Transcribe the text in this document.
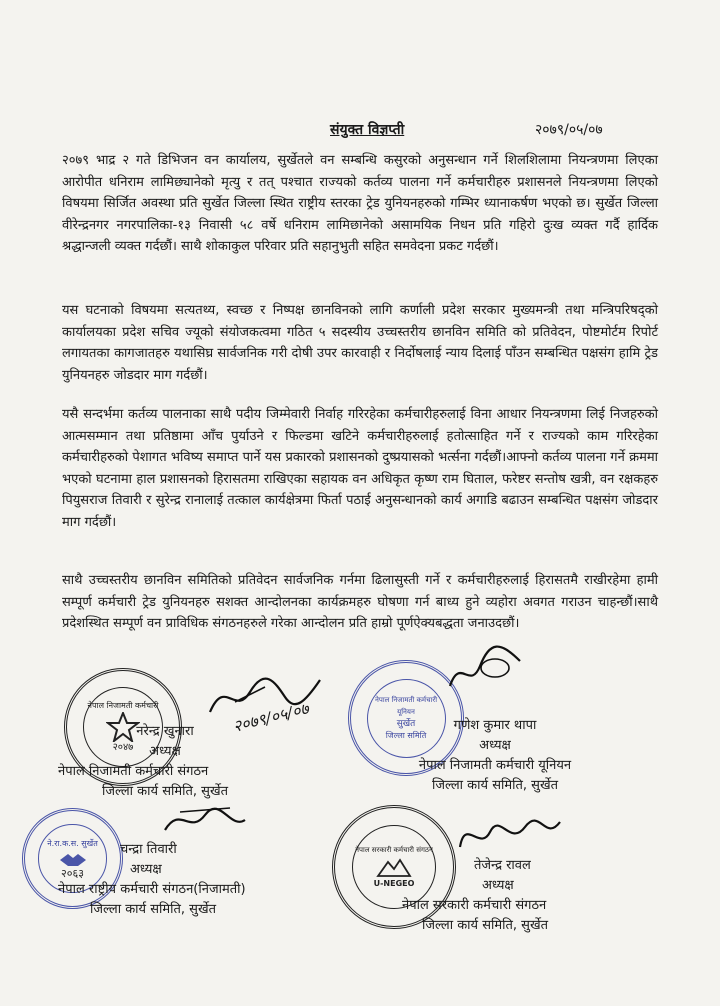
संयुक्त विज्ञप्ती	२०७९/०५/०७

२०७९ भाद्र २ गते डिभिजन वन कार्यालय, सुर्खेतले वन सम्बन्धि कसुरको अनुसन्धान गर्ने शिलशिलामा नियन्त्रणमा लिएका आरोपीत धनिराम लामिछ्यानेको मृत्यु र तत् पश्चात राज्यको कर्तव्य पालना गर्ने कर्मचारीहरु प्रशासनले नियन्त्रणमा लिएको विषयमा सिर्जित अवस्था प्रति सुर्खेत जिल्ला स्थित राष्ट्रीय स्तरका ट्रेड युनियनहरुको गम्भिर ध्यानाकर्षण भएको छ। सुर्खेत जिल्ला वीरेन्द्रनगर नगरपालिका-१३ निवासी ५८ वर्षे धनिराम लामिछानेको असामयिक निधन प्रति गहिरो दुःख व्यक्त गर्दै हार्दिक श्रद्धान्जली व्यक्त गर्दछौं। साथै शोकाकुल परिवार प्रति सहानुभुती सहित समवेदना प्रकट गर्दछौं।

यस घटनाको विषयमा सत्यतथ्य, स्वच्छ र निष्पक्ष छानविनको लागि कर्णाली प्रदेश सरकार मुख्यमन्त्री तथा मन्त्रिपरिषद्को कार्यालयका प्रदेश सचिव ज्यूको संयोजकत्वमा गठित ५ सदस्यीय उच्चस्तरीय छानविन समिति को प्रतिवेदन, पोष्टमोर्टम रिपोर्ट लगायतका कागजातहरु यथासिघ्र सार्वजनिक गरी दोषी उपर कारवाही र निर्दोषलाई न्याय दिलाई पाँउन सम्बन्धित पक्षसंग हामि ट्रेड युनियनहरु जोडदार माग गर्दछौं।

यसै सन्दर्भमा कर्तव्य पालनाका साथै पदीय जिम्मेवारी निर्वाह गरिरहेका कर्मचारीहरुलाई विना आधार नियन्त्रणमा लिई निजहरुको आत्मसम्मान तथा प्रतिष्ठामा आँच पुर्याउने र फिल्डमा खटिने कर्मचारीहरुलाई हतोत्साहित गर्ने र राज्यको काम गरिरहेका कर्मचारीहरुको पेशागत भविष्य समाप्त पार्ने यस प्रकारको प्रशासनको दुष्प्रयासको भर्त्सना गर्दछौं।आफ्नो कर्तव्य पालना गर्ने क्रममा भएको घटनामा हाल प्रशासनको हिरासतमा राखिएका सहायक वन अधिकृत कृष्ण राम घिताल, फरेष्टर सन्तोष खत्री, वन रक्षकहरु पियुसराज तिवारी र सुरेन्द्र रानालाई तत्काल कार्यक्षेत्रमा फिर्ता पठाई अनुसन्धानको कार्य अगाडि बढाउन सम्बन्धित पक्षसंग जोडदार माग गर्दछौं।

साथै उच्चस्तरीय छानविन समितिको प्रतिवेदन सार्वजनिक गर्नमा ढिलासुस्ती गर्ने र कर्मचारीहरुलाई हिरासतमै राखीरहेमा हामी सम्पूर्ण कर्मचारी ट्रेड युनियनहरु सशक्त आन्दोलनका कार्यक्रमहरु घोषणा गर्न बाध्य हुने व्यहोरा अवगत गराउन चाहन्छौं।साथै प्रदेशस्थित सम्पूर्ण वन प्राविधिक संगठनहरुले गरेका आन्दोलन प्रति हाम्रो पूर्णऐक्यबद्धता जनाउदछौं।

नेपाल निजामती कर्मचारी
२०४७
२०७९/०५/०७
नरेन्द्र खुनारा
अध्यक्ष
नेपाल निजामती कर्मचारी संगठन
जिल्ला कार्य समिति, सुर्खेत
नेपाल निजामती कर्मचारी यूनियन
सुर्खेत
जिल्ला समिति
गणेश कुमार थापा
अध्यक्ष
नेपाल निजामती कर्मचारी यूनियन
जिल्ला कार्य समिति, सुर्खेत
ने.रा.क.स. सुर्खेत
२०६३
चन्द्रा तिवारी
अध्यक्ष
नेपाल राष्ट्रीय कर्मचारी संगठन(निजामती)
जिल्ला कार्य समिति, सुर्खेत
नेपाल सरकारी कर्मचारी संगठन
U-NEGEO
तेजेन्द्र रावल
अध्यक्ष
नेपाल सरकारी कर्मचारी संगठन
जिल्ला कार्य समिति, सुर्खेत
